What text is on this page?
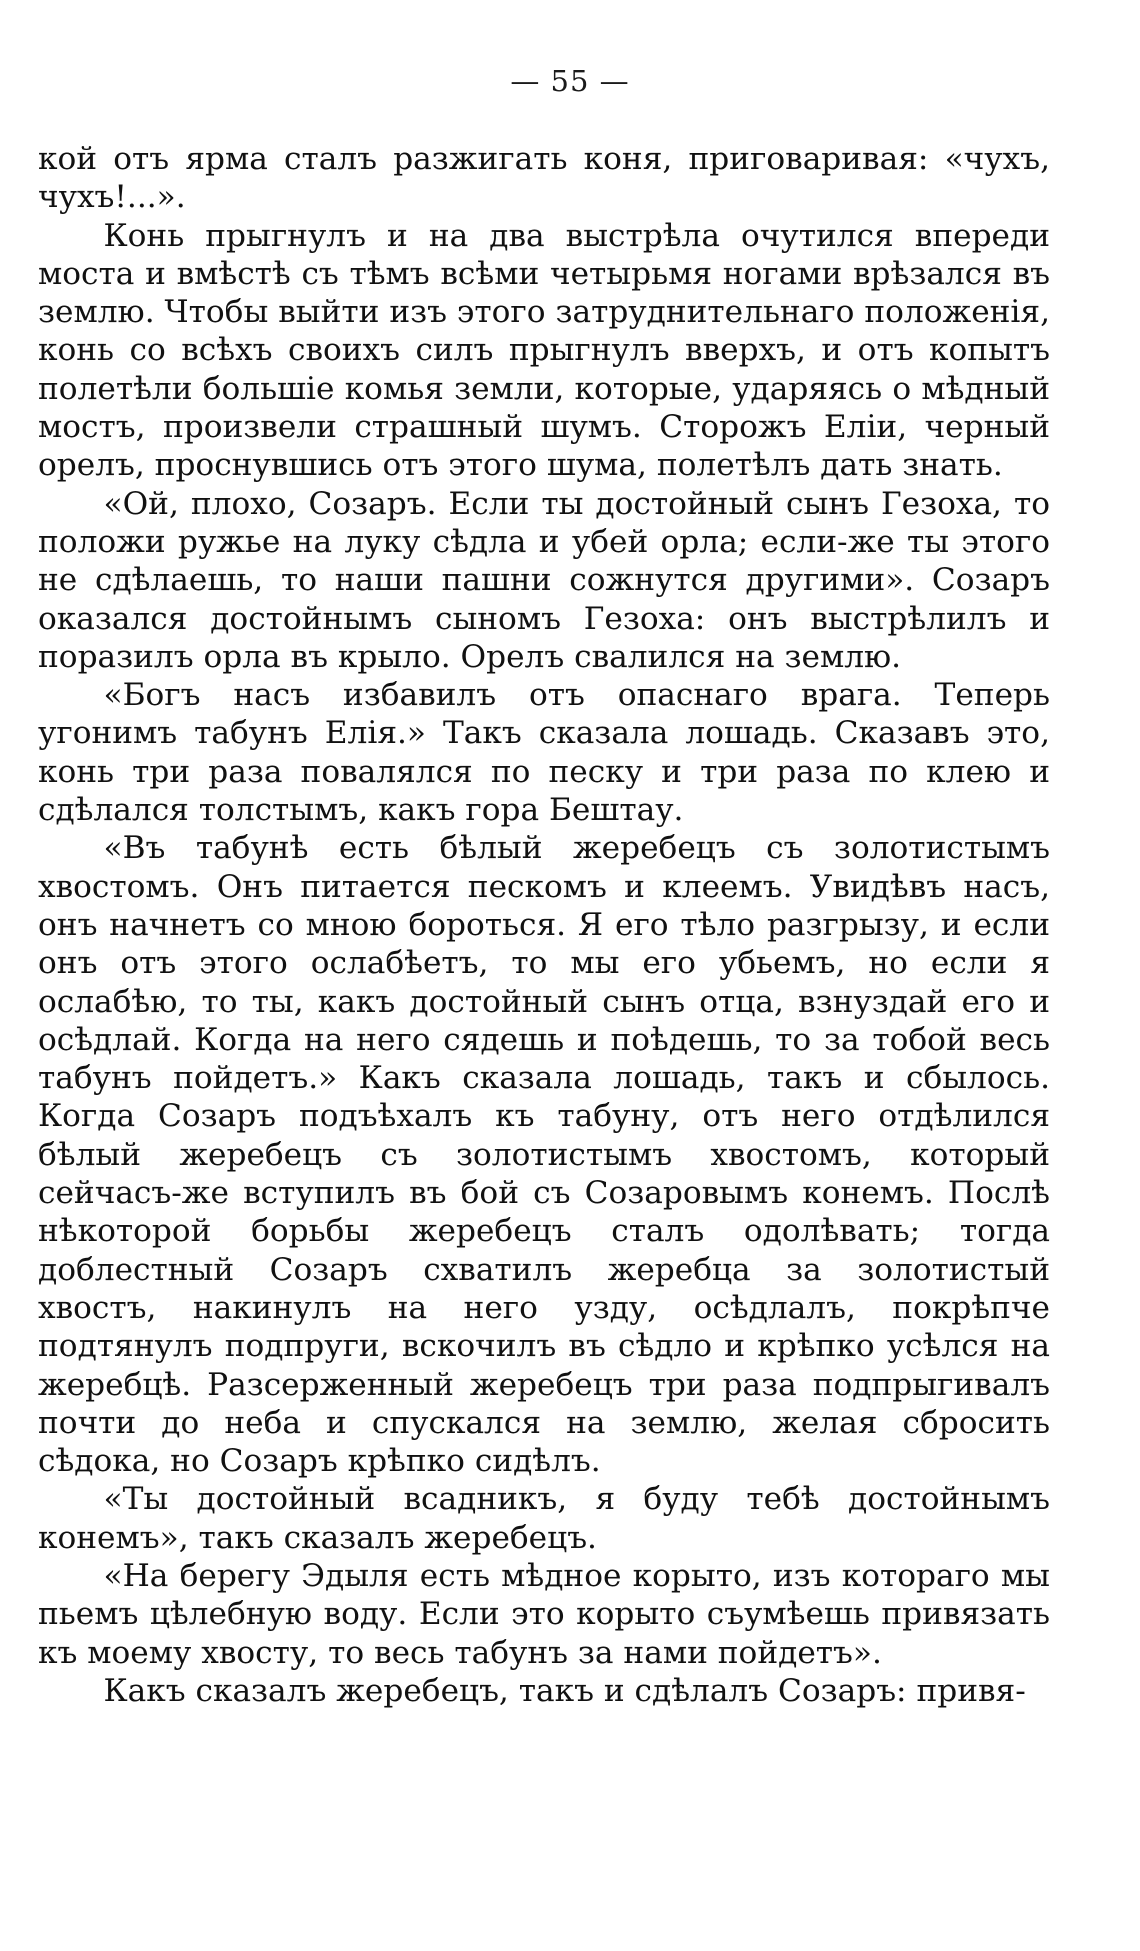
— 55 —

кой отъ ярма сталъ разжигать коня, приговаривая: «чухъ, чухъ!...».

Конь прыгнулъ и на два выстрѣла очутился впереди моста и вмѣстѣ съ тѣмъ всѣми четырьмя ногами врѣзался въ землю. Чтобы выйти изъ этого затруднительнаго положенія, конь со всѣхъ своихъ силъ прыгнулъ вверхъ, и отъ копытъ полетѣли большіе комья земли, которые, ударяясь о мѣдный мостъ, произвели страшный шумъ. Сторожъ Еліи, черный орелъ, проснувшись отъ этого шума, полетѣлъ дать знать.

«Ой, плохо, Созаръ. Если ты достойный сынъ Гезоха, то положи ружье на луку сѣдла и убей орла; если-же ты этого не сдѣлаешь, то наши пашни сожнутся другими». Созаръ оказался достойнымъ сыномъ Гезоха: онъ выстрѣлилъ и поразилъ орла въ крыло. Орелъ свалился на землю.

«Богъ насъ избавилъ отъ опаснаго врага. Теперь угонимъ табунъ Елія.» Такъ сказала лошадь. Сказавъ это, конь три раза повалялся по песку и три раза по клею и сдѣлался толстымъ, какъ гора Бештау.

«Въ табунѣ есть бѣлый жеребецъ съ золотистымъ хвостомъ. Онъ питается пескомъ и клеемъ. Увидѣвъ насъ, онъ начнетъ со мною бороться. Я его тѣло разгрызу, и если онъ отъ этого ослабѣетъ, то мы его убьемъ, но если я ослабѣю, то ты, какъ достойный сынъ отца, взнуздай его и осѣдлай. Когда на него сядешь и поѣдешь, то за тобой весь табунъ пойдетъ.» Какъ сказала лошадь, такъ и сбылось. Когда Созаръ подъѣхалъ къ табуну, отъ него отдѣлился бѣлый жеребецъ съ золотистымъ хвостомъ, который сейчасъ-же вступилъ въ бой съ Созаровымъ конемъ. Послѣ нѣкоторой борьбы жеребецъ сталъ одолѣвать; тогда доблестный Созаръ схватилъ жеребца за золотистый хвостъ, накинулъ на него узду, осѣдлалъ, покрѣпче подтянулъ подпруги, вскочилъ въ сѣдло и крѣпко усѣлся на жеребцѣ. Разсерженный жеребецъ три раза подпрыгивалъ почти до неба и спускался на землю, желая сбросить сѣдока, но Созаръ крѣпко сидѣлъ.

«Ты достойный всадникъ, я буду тебѣ достойнымъ конемъ», такъ сказалъ жеребецъ.

«На берегу Эдыля есть мѣдное корыто, изъ котораго мы пьемъ цѣлебную воду. Если это корыто съумѣешь привязать къ моему хвосту, то весь табунъ за нами пойдетъ».

Какъ сказалъ жеребецъ, такъ и сдѣлалъ Созаръ: привя-
